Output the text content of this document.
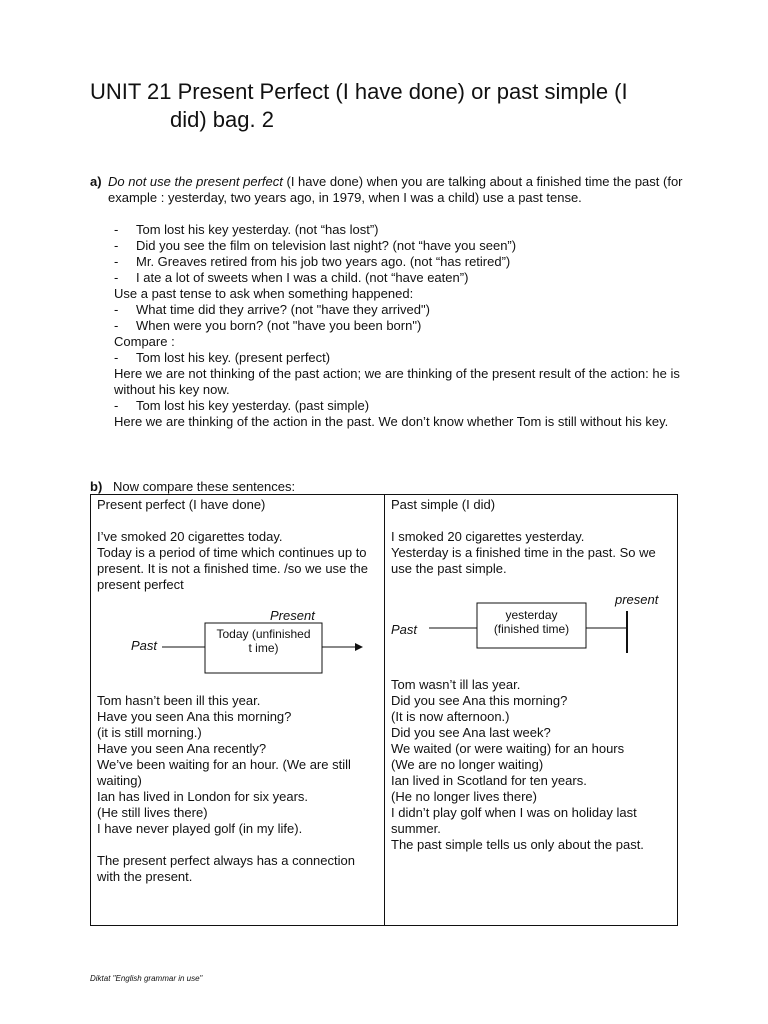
UNIT 21 Present Perfect (I have done) or past simple (I
did) bag. 2
a) Do not use the present perfect (I have done) when you are talking about a finished time the past (for example : yesterday, two years ago, in 1979, when I was a child) use a past tense.
- Tom lost his key yesterday. (not “has lost”)
- Did you see the film on television last night? (not “have you seen”)
- Mr. Greaves retired from his job two years ago. (not “has retired”)
- I ate a lot of sweets when I was a child. (not “have eaten”)
Use a past tense to ask when something happened:
- What time did they arrive? (not "have they arrived")
- When were you born? (not "have you been born")
Compare :
- Tom lost his key. (present perfect)
Here we are not thinking of the past action; we are thinking of the present result of the action: he is without his key now.
- Tom lost his key yesterday. (past simple)
Here we are thinking of the action in the past. We don’t know whether Tom is still without his key.
b) Now compare these sentences:
Present perfect (I have done)
I’ve smoked 20 cigarettes today.
Today is a period of time which continues up to present. It is not a finished time. /so we use the present perfect
Present
Past
Today (unfinished t ime)
Tom hasn’t been ill this year.
Have you seen Ana this morning?
(it is still morning.)
Have you seen Ana recently?
We’ve been waiting for an hour. (We are still waiting)
Ian has lived in London for six years.
(He still lives there)
I have never played golf (in my life).
The present perfect always has a connection with the present.
Past simple (I did)
I smoked 20 cigarettes yesterday.
Yesterday is a finished time in the past. So we use the past simple.
present
Past
yesterday (finished time)
Tom wasn’t ill las year.
Did you see Ana this morning?
(It is now afternoon.)
Did you see Ana last week?
We waited (or were waiting) for an hours
(We are no longer waiting)
Ian lived in Scotland for ten years.
(He no longer lives there)
I didn’t play golf when I was on holiday last summer.
The past simple tells us only about the past.
Diktat "English grammar in use"
